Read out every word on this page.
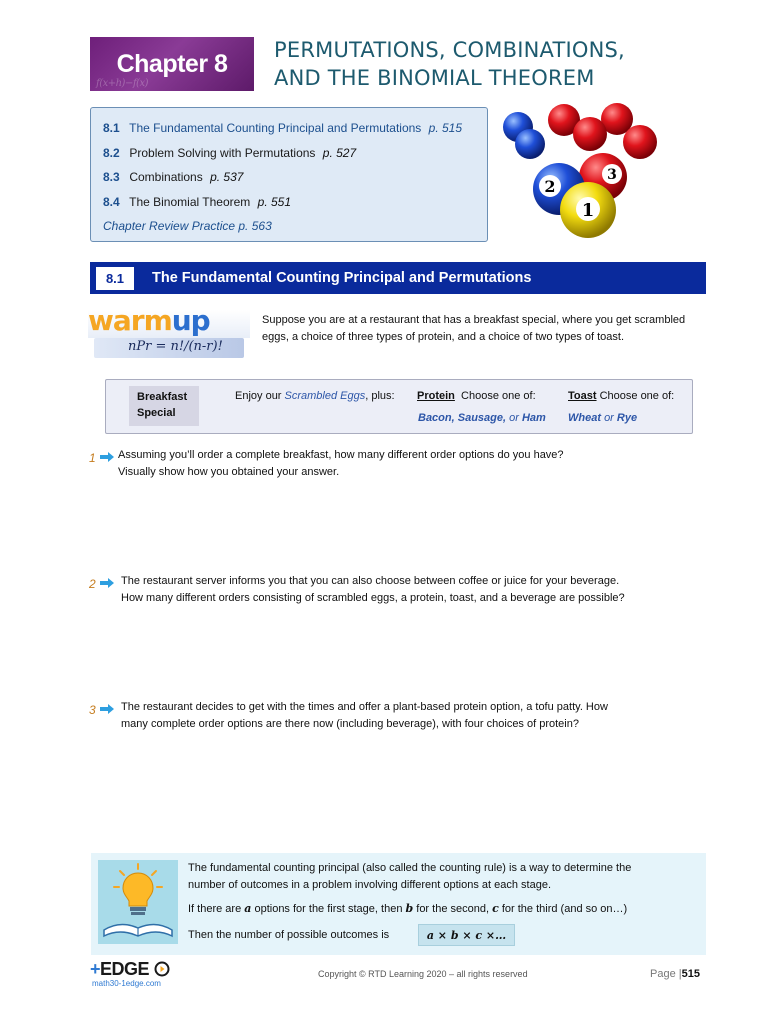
f(x+h)−f(x)
Chapter 8 PERMUTATIONS, COMBINATIONS,
AND THE BINOMIAL THEOREM
8.1 The Fundamental Counting Principal and Permutations p. 515
8.2 Problem Solving with Permutations p. 527
8.3 Combinations p. 537
8.4 The Binomial Theorem p. 551
Chapter Review Practice p. 563
3
2
1
8.1	The Fundamental Counting Principal and Permutations
warmup
nPr = n!/(n-r)!
Suppose you are at a restaurant that has a breakfast special, where you get scrambled eggs, a choice of three types of protein, and a choice of two types of toast.
Breakfast
Special
Enjoy our Scrambled Eggs, plus: Protein Choose one of:
Bacon, Sausage, or Ham
Toast Choose one of:
Wheat or Rye
1	Assuming you’ll order a complete breakfast, how many different order options do you have?
Visually show how you obtained your answer.
2	The restaurant server informs you that you can also choose between coffee or juice for your beverage.
How many different orders consisting of scrambled eggs, a protein, toast, and a beverage are possible?
3	The restaurant decides to get with the times and offer a plant-based protein option, a tofu patty. How
many complete order options are there now (including beverage), with four choices of protein?
The fundamental counting principal (also called the counting rule) is a way to determine the
number of outcomes in a problem involving different options at each stage.
If there are a options for the first stage, then b for the second, c for the third (and so on…)
Then the number of possible outcomes is	a × b × c ×…
+EDGE
math30-1edge.com
Copyright © RTD Learning 2020 – all rights reserved	Page |515
